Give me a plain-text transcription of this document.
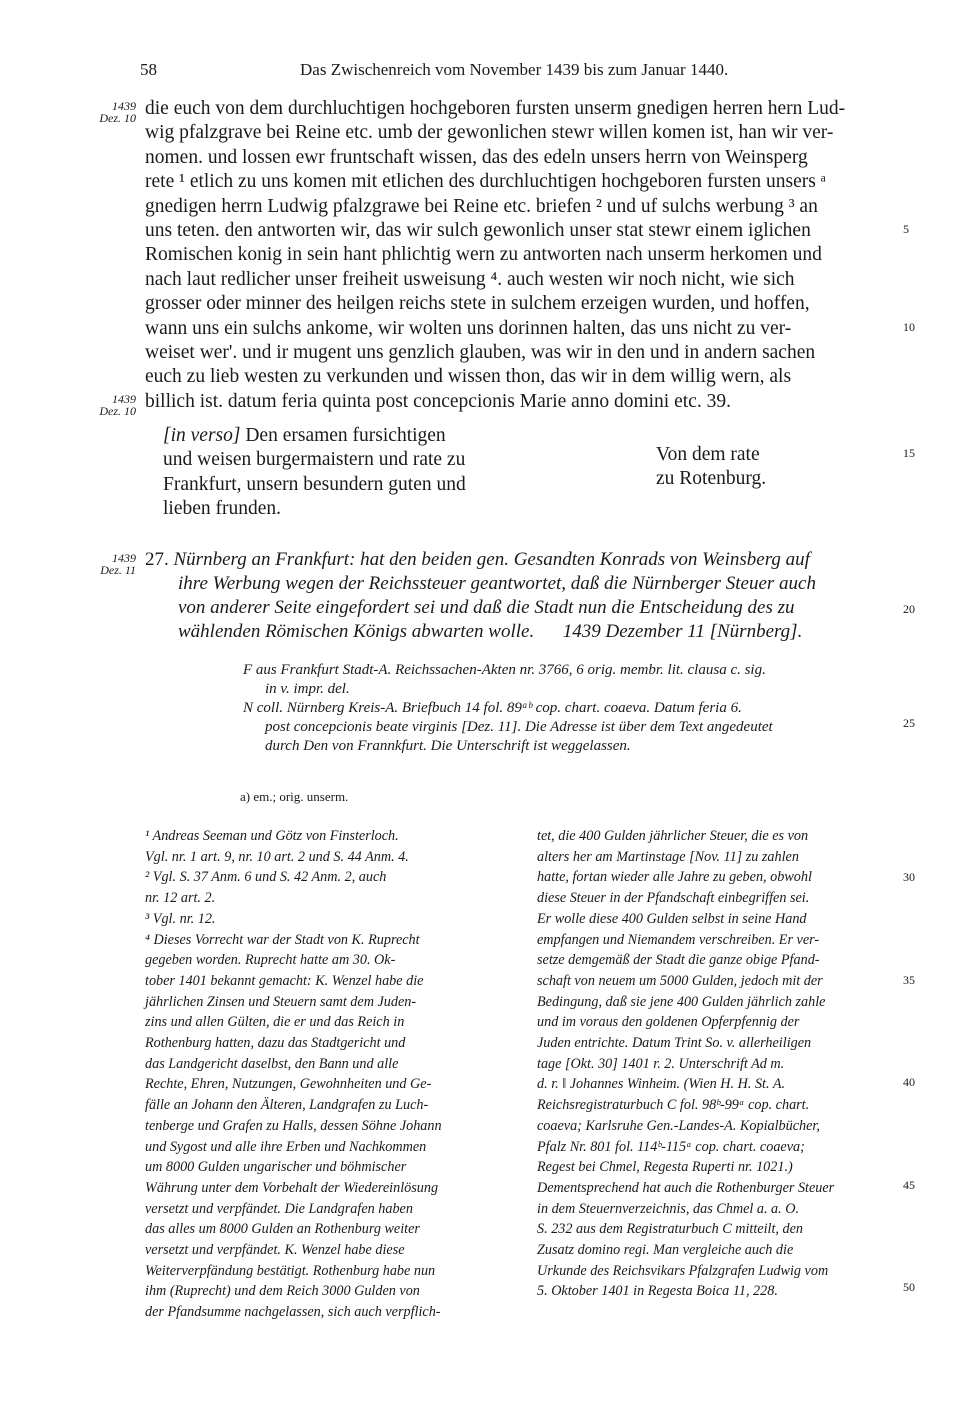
58	Das Zwischenreich vom November 1439 bis zum Januar 1440.
1439
Dez. 10
1439
Dez. 10
1439
Dez. 11
5
10
15
20
25
30
35
40
45
50
die euch von dem durchluchtigen hochgeboren fursten unserm gnedigen herren hern Lud-
wig pfalzgrave bei Reine etc. umb der gewonlichen stewr willen komen ist, han wir ver-
nomen. und lossen ewr fruntschaft wissen, das des edeln unsers herrn von Weinsperg
rete ¹ etlich zu uns komen mit etlichen des durchluchtigen hochgeboren fursten unsers ᵃ
gnedigen herrn Ludwig pfalzgrawe bei Reine etc. briefen ² und uf sulchs werbung ³ an
uns teten. den antworten wir, das wir sulch gewonlich unser stat stewr einem iglichen
Romischen konig in sein hant phlichtig wern zu antworten nach unserm herkomen und
nach laut redlicher unser freiheit usweisung ⁴. auch westen wir noch nicht, wie sich
grosser oder minner des heilgen reichs stete in sulchem erzeigen wurden, und hoffen,
wann uns ein sulchs ankome, wir wolten uns dorinnen halten, das uns nicht zu ver-
weiset wer'. und ir mugent uns genzlich glauben, was wir in den und in andern sachen
euch zu lieb westen zu verkunden und wissen thon, das wir in dem willig wern, als
billich ist. datum feria quinta post concepcionis Marie anno domini etc. 39.
[in verso] Den ersamen fursichtigen
und weisen burgermaistern und rate zu
Frankfurt, unsern besundern guten und
lieben frunden.
Von dem rate
zu Rotenburg.
27. Nürnberg an Frankfurt: hat den beiden gen. Gesandten Konrads von Weinsberg auf
ihre Werbung wegen der Reichssteuer geantwortet, daß die Nürnberger Steuer auch
von anderer Seite eingefordert sei und daß die Stadt nun die Entscheidung des zu
wählenden Römischen Königs abwarten wolle. 1439 Dezember 11 [Nürnberg].
F aus Frankfurt Stadt-A. Reichssachen-Akten nr. 3766, 6 orig. membr. lit. clausa c. sig.
in v. impr. del.
N coll. Nürnberg Kreis-A. Briefbuch 14 fol. 89ᵃᵇ cop. chart. coaeva. Datum feria 6.
post concepcionis beate virginis [Dez. 11]. Die Adresse ist über dem Text angedeutet
durch Den von Frannkfurt. Die Unterschrift ist weggelassen.
a) em.; orig. unserm.
¹ Andreas Seeman und Götz von Finsterloch.
Vgl. nr. 1 art. 9, nr. 10 art. 2 und S. 44 Anm. 4.
² Vgl. S. 37 Anm. 6 und S. 42 Anm. 2, auch
nr. 12 art. 2.
³ Vgl. nr. 12.
⁴ Dieses Vorrecht war der Stadt von K. Ruprecht
gegeben worden. Ruprecht hatte am 30. Ok-
tober 1401 bekannt gemacht: K. Wenzel habe die
jährlichen Zinsen und Steuern samt dem Juden-
zins und allen Gülten, die er und das Reich in
Rothenburg hatten, dazu das Stadtgericht und
das Landgericht daselbst, den Bann und alle
Rechte, Ehren, Nutzungen, Gewohnheiten und Ge-
fälle an Johann den Älteren, Landgrafen zu Luch-
tenberge und Grafen zu Halls, dessen Söhne Johann
und Sygost und alle ihre Erben und Nachkommen
um 8000 Gulden ungarischer und böhmischer
Währung unter dem Vorbehalt der Wiedereinlösung
versetzt und verpfändet. Die Landgrafen haben
das alles um 8000 Gulden an Rothenburg weiter
versetzt und verpfändet. K. Wenzel habe diese
Weiterverpfändung bestätigt. Rothenburg habe nun
ihm (Ruprecht) und dem Reich 3000 Gulden von
der Pfandsumme nachgelassen, sich auch verpflich-
tet, die 400 Gulden jährlicher Steuer, die es von
alters her am Martinstage [Nov. 11] zu zahlen
hatte, fortan wieder alle Jahre zu geben, obwohl
diese Steuer in der Pfandschaft einbegriffen sei.
Er wolle diese 400 Gulden selbst in seine Hand
empfangen und Niemandem verschreiben. Er ver-
setze demgemäß der Stadt die ganze obige Pfand-
schaft von neuem um 5000 Gulden, jedoch mit der
Bedingung, daß sie jene 400 Gulden jährlich zahle
und im voraus den goldenen Opferpfennig der
Juden entrichte. Datum Trint So. v. allerheiligen
tage [Okt. 30] 1401 r. 2. Unterschrift Ad m.
d. r. ‖ Johannes Winheim. (Wien H. H. St. A.
Reichsregistraturbuch C fol. 98ᵇ-99ᵃ cop. chart.
coaeva; Karlsruhe Gen.-Landes-A. Kopialbücher,
Pfalz Nr. 801 fol. 114ᵇ-115ᵃ cop. chart. coaeva;
Regest bei Chmel, Regesta Ruperti nr. 1021.)
Dementsprechend hat auch die Rothenburger Steuer
in dem Steuernverzeichnis, das Chmel a. a. O.
S. 232 aus dem Registraturbuch C mitteilt, den
Zusatz domino regi. Man vergleiche auch die
Urkunde des Reichsvikars Pfalzgrafen Ludwig vom
5. Oktober 1401 in Regesta Boica 11, 228.
